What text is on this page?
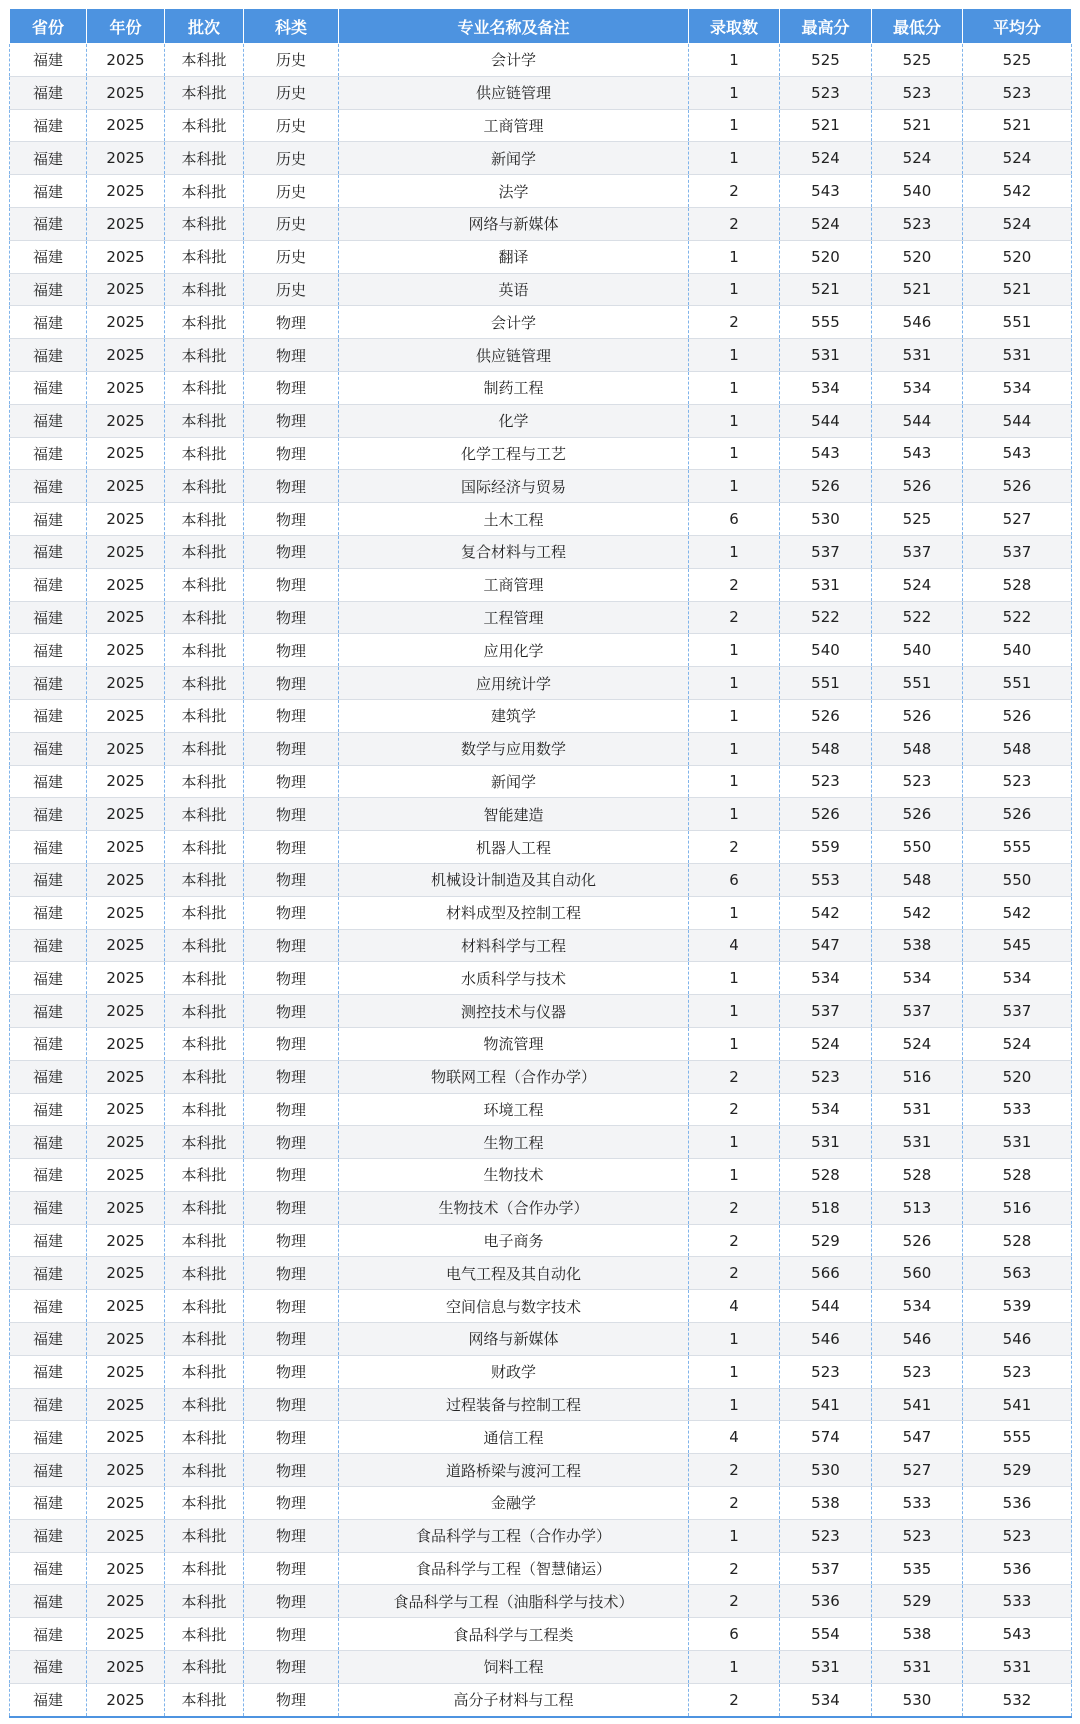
省份	年份	批次	科类	专业名称及备注	录取数	最高分	最低分	平均分
福建	2025	本科批	历史	会计学	1	525	525	525
福建	2025	本科批	历史	供应链管理	1	523	523	523
福建	2025	本科批	历史	工商管理	1	521	521	521
福建	2025	本科批	历史	新闻学	1	524	524	524
福建	2025	本科批	历史	法学	2	543	540	542
福建	2025	本科批	历史	网络与新媒体	2	524	523	524
福建	2025	本科批	历史	翻译	1	520	520	520
福建	2025	本科批	历史	英语	1	521	521	521
福建	2025	本科批	物理	会计学	2	555	546	551
福建	2025	本科批	物理	供应链管理	1	531	531	531
福建	2025	本科批	物理	制药工程	1	534	534	534
福建	2025	本科批	物理	化学	1	544	544	544
福建	2025	本科批	物理	化学工程与工艺	1	543	543	543
福建	2025	本科批	物理	国际经济与贸易	1	526	526	526
福建	2025	本科批	物理	土木工程	6	530	525	527
福建	2025	本科批	物理	复合材料与工程	1	537	537	537
福建	2025	本科批	物理	工商管理	2	531	524	528
福建	2025	本科批	物理	工程管理	2	522	522	522
福建	2025	本科批	物理	应用化学	1	540	540	540
福建	2025	本科批	物理	应用统计学	1	551	551	551
福建	2025	本科批	物理	建筑学	1	526	526	526
福建	2025	本科批	物理	数学与应用数学	1	548	548	548
福建	2025	本科批	物理	新闻学	1	523	523	523
福建	2025	本科批	物理	智能建造	1	526	526	526
福建	2025	本科批	物理	机器人工程	2	559	550	555
福建	2025	本科批	物理	机械设计制造及其自动化	6	553	548	550
福建	2025	本科批	物理	材料成型及控制工程	1	542	542	542
福建	2025	本科批	物理	材料科学与工程	4	547	538	545
福建	2025	本科批	物理	水质科学与技术	1	534	534	534
福建	2025	本科批	物理	测控技术与仪器	1	537	537	537
福建	2025	本科批	物理	物流管理	1	524	524	524
福建	2025	本科批	物理	物联网工程（合作办学）	2	523	516	520
福建	2025	本科批	物理	环境工程	2	534	531	533
福建	2025	本科批	物理	生物工程	1	531	531	531
福建	2025	本科批	物理	生物技术	1	528	528	528
福建	2025	本科批	物理	生物技术（合作办学）	2	518	513	516
福建	2025	本科批	物理	电子商务	2	529	526	528
福建	2025	本科批	物理	电气工程及其自动化	2	566	560	563
福建	2025	本科批	物理	空间信息与数字技术	4	544	534	539
福建	2025	本科批	物理	网络与新媒体	1	546	546	546
福建	2025	本科批	物理	财政学	1	523	523	523
福建	2025	本科批	物理	过程装备与控制工程	1	541	541	541
福建	2025	本科批	物理	通信工程	4	574	547	555
福建	2025	本科批	物理	道路桥梁与渡河工程	2	530	527	529
福建	2025	本科批	物理	金融学	2	538	533	536
福建	2025	本科批	物理	食品科学与工程（合作办学）	1	523	523	523
福建	2025	本科批	物理	食品科学与工程（智慧储运）	2	537	535	536
福建	2025	本科批	物理	食品科学与工程（油脂科学与技术）	2	536	529	533
福建	2025	本科批	物理	食品科学与工程类	6	554	538	543
福建	2025	本科批	物理	饲料工程	1	531	531	531
福建	2025	本科批	物理	高分子材料与工程	2	534	530	532
